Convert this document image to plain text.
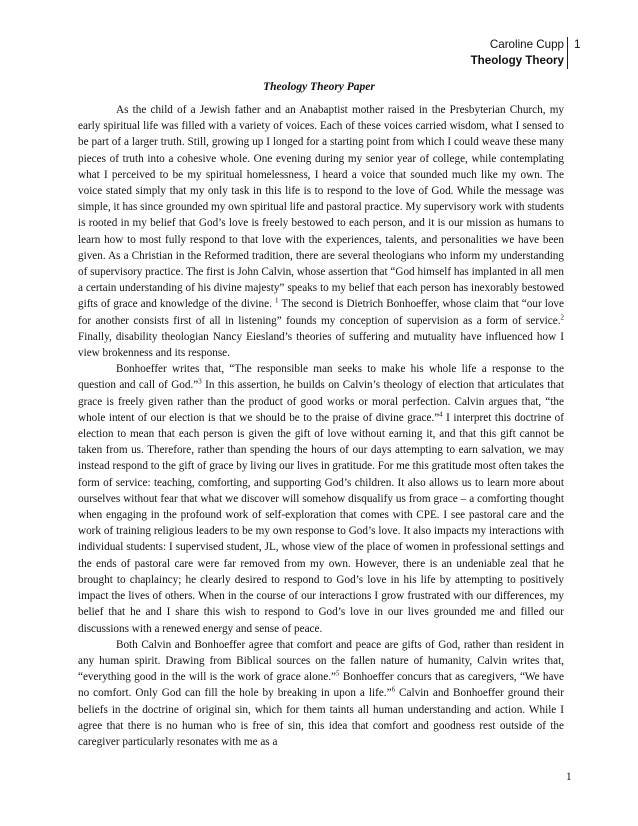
Caroline Cupp
Theology Theory
1
Theology Theory Paper

As the child of a Jewish father and an Anabaptist mother raised in the Presbyterian Church, my early spiritual life was filled with a variety of voices. Each of these voices carried wisdom, what I sensed to be part of a larger truth. Still, growing up I longed for a starting point from which I could weave these many pieces of truth into a cohesive whole. One evening during my senior year of college, while contemplating what I perceived to be my spiritual homelessness, I heard a voice that sounded much like my own. The voice stated simply that my only task in this life is to respond to the love of God. While the message was simple, it has since grounded my own spiritual life and pastoral practice. My supervisory work with students is rooted in my belief that God’s love is freely bestowed to each person, and it is our mission as humans to learn how to most fully respond to that love with the experiences, talents, and personalities we have been given. As a Christian in the Reformed tradition, there are several theologians who inform my understanding of supervisory practice. The first is John Calvin, whose assertion that “God himself has implanted in all men a certain understanding of his divine majesty” speaks to my belief that each person has inexorably bestowed gifts of grace and knowledge of the divine. $^1$ The second is Dietrich Bonhoeffer, whose claim that “our love for another consists first of all in listening” founds my conception of supervision as a form of service.$^2$ Finally, disability theologian Nancy Eiesland’s theories of suffering and mutuality have influenced how I view brokenness and its response.

Bonhoeffer writes that, “The responsible man seeks to make his whole life a response to the question and call of God.”$^3$ In this assertion, he builds on Calvin’s theology of election that articulates that grace is freely given rather than the product of good works or moral perfection. Calvin argues that, “the whole intent of our election is that we should be to the praise of divine grace.”$^4$ I interpret this doctrine of election to mean that each person is given the gift of love without earning it, and that this gift cannot be taken from us. Therefore, rather than spending the hours of our days attempting to earn salvation, we may instead respond to the gift of grace by living our lives in gratitude. For me this gratitude most often takes the form of service: teaching, comforting, and supporting God’s children. It also allows us to learn more about ourselves without fear that what we discover will somehow disqualify us from grace – a comforting thought when engaging in the profound work of self-exploration that comes with CPE. I see pastoral care and the work of training religious leaders to be my own response to God’s love. It also impacts my interactions with individual students: I supervised student, JL, whose view of the place of women in professional settings and the ends of pastoral care were far removed from my own. However, there is an undeniable zeal that he brought to chaplaincy; he clearly desired to respond to God’s love in his life by attempting to positively impact the lives of others. When in the course of our interactions I grow frustrated with our differences, my belief that he and I share this wish to respond to God’s love in our lives grounded me and filled our discussions with a renewed energy and sense of peace.

Both Calvin and Bonhoeffer agree that comfort and peace are gifts of God, rather than resident in any human spirit. Drawing from Biblical sources on the fallen nature of humanity, Calvin writes that, “everything good in the will is the work of grace alone.”$^5$ Bonhoeffer concurs that as caregivers, “We have no comfort. Only God can fill the hole by breaking in upon a life.”$^6$ Calvin and Bonhoeffer ground their beliefs in the doctrine of original sin, which for them taints all human understanding and action. While I agree that there is no human who is free of sin, this idea that comfort and goodness rest outside of the caregiver particularly resonates with me as a

1
